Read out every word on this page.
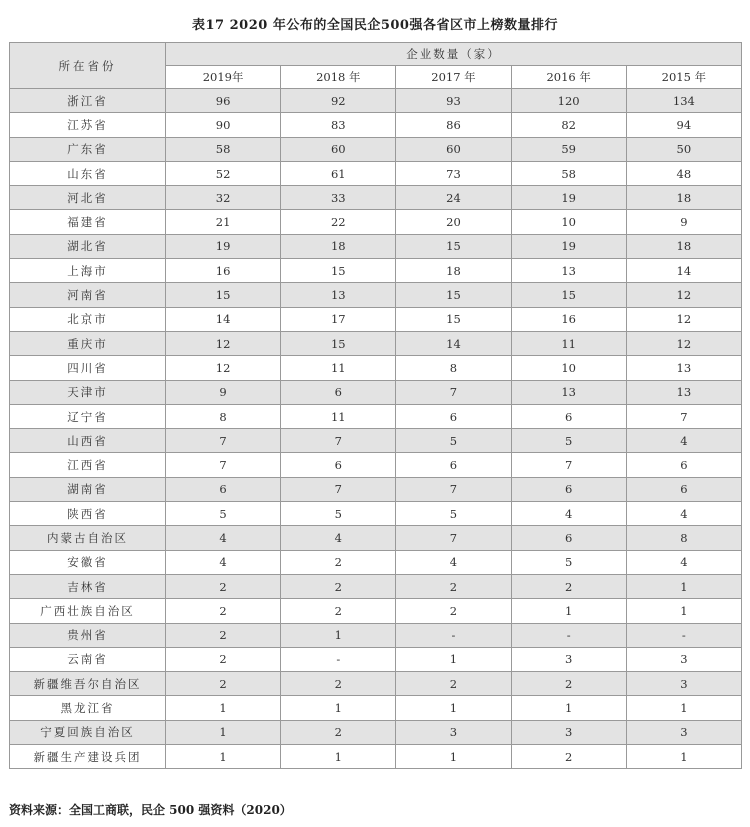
表17 2020 年公布的全国民企500强各省区市上榜数量排行
所在省份	企业数量（家）				
	2019年	2018 年	2017 年	2016 年	2015 年
浙江省	96	92	93	120	134
江苏省	90	83	86	82	94
广东省	58	60	60	59	50
山东省	52	61	73	58	48
河北省	32	33	24	19	18
福建省	21	22	20	10	9
湖北省	19	18	15	19	18
上海市	16	15	18	13	14
河南省	15	13	15	15	12
北京市	14	17	15	16	12
重庆市	12	15	14	11	12
四川省	12	11	8	10	13
天津市	9	6	7	13	13
辽宁省	8	11	6	6	7
山西省	7	7	5	5	4
江西省	7	6	6	7	6
湖南省	6	7	7	6	6
陕西省	5	5	5	4	4
内蒙古自治区	4	4	7	6	8
安徽省	4	2	4	5	4
吉林省	2	2	2	2	1
广西壮族自治区	2	2	2	1	1
贵州省	2	1	-	-	-
云南省	2	-	1	3	3
新疆维吾尔自治区	2	2	2	2	3
黑龙江省	1	1	1	1	1
宁夏回族自治区	1	2	3	3	3
新疆生产建设兵团	1	1	1	2	1
资料来源：全国工商联，民企 500 强资料（2020）
